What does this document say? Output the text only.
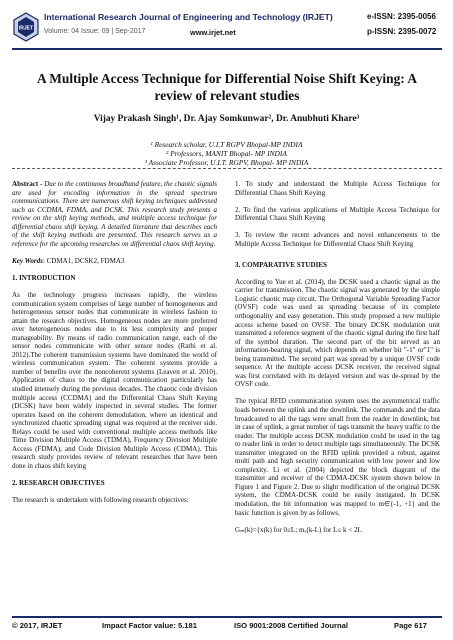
IRJET
International Research Journal of Engineering and Technology (IRJET)	e-ISSN: 2395-0056
Volume: 04 Issue: 09 | Sep-2017	www.irjet.net	p-ISSN: 2395-0072
A Multiple Access Technique for Differential Noise Shift Keying: A review of relevant studies
Vijay Prakash Singh¹, Dr. Ajay Somkunwar², Dr. Anubhuti Khare³
¹ Research scholar, U.I.T RGPV Bhopal-MP INDIA
² Professors, MANIT Bhopal- MP INDIA
³ Associate Professor, U.I.T. RGPV, Bhopal- MP INDIA

Abstract - Due to the continuous broadband feature, the chaotic signals are used for encoding information in the spread spectrum communications. There are numerous shift keying techniques addressed such as CCDMA, FDMA, and DCSK. This research study presents a review on the shift keying methods, and multiple access technique for differential chaos shift keying. A detailed literature that describes each of the shift keying methods are presented. This research serves as a reference for the upcoming researches on differential chaos shift keying.

Key Words: CDMA1, DCSK2, FDMA3

1. INTRODUCTION

As the technology progress increases rapidly, the wireless communication system comprises of large number of homogeneous and heterogeneous sensor nodes that communicate in wireless fashion to attain the research objectives. Homogeneous nodes are more preferred over heterogeneous nodes due to its less complexity and proper manageability. By means of radio communication range, each of the sensor nodes communicate with other sensor nodes (Rathi et al. 2012).The coherent transmission systems have dominated the world of wireless communication system. The coherent systems provide a number of benefits over the noncoherent systems (Leaven et al. 2010). Application of chaos to the digital communication particularly has studied intensely during the previous decades. The chaotic code division multiple access (CCDMA) and the Differential Chaos Shift Keying (DCSK) have been widely inspected in several studies. The former operates based on the coherent demodulation, where an identical and synchronized chaotic spreading signal was required at the receiver side. Relays could be used with conventional multiple access methods like Time Division Multiple Access (TDMA), Frequency Division Multiple Access (FDMA), and Code Division Multiple Access (CDMA). This research study provides review of relevant researches that have been done in chaos shift keying

2. RESEARCH OBJECTIVES

The research is undertaken with following research objectives:

1. To study and understand the Multiple Access Technique for Differential Chaos Shift Keying

2. To find the various applications of Multiple Access Technique for Differential Chaos Shift Keying

3. To review the recent advances and novel enhancements to the Multiple Access Technique for Differential Chaos Shift Keying

3. COMPARATIVE STUDIES

According to Yue et al. (2014), the DCSK used a chaotic signal as the carrier for transmission. The chaotic signal was generated by the simple Logistic chaotic map circuit. The Orthogonal Variable Spreading Factor (OVSF) code was used as spreading because of its complete orthogonality and easy generation. This study proposed a new multiple access scheme based on OVSF. The binary DCSK modulation unit transmitted a reference segment of the chaotic signal during the first half of the symbol duration. The second part of the bit served as an information-bearing signal, which depends on whether bit "-1" or"1" is being transmitted. The second part was spread by a unique OVSF code sequence. At the multiple access DCSK receiver, the received signal was first correlated with its delayed version and was de-spread by the OVSF code.

The typical RFID communication system uses the asymmetrical traffic loads between the uplink and the downlink. The commands and the data broadcasted to all the tags were small from the reader in downlink, but in case of uplink, a great number of tags transmit the heavy traffic to the reader. The multiple access DCSK modulation could be used in the tag to reader link in order to detect multiple tags simultaneously. The DCSK transmitter integrated on the RFID uplink provided a robust, against multi path and high security communication with low power and low complexity. Li et al. (2004) depicted the block diagram of the transmitter and receiver of the CDMA-DCSK system shown below in Figure 1 and Figure 2. Due to slight modification of the original DCSK system, the CDMA-DCSK could be easily instigated. In DCSK modulation, the bit information was mapped to m∈{-1, +1} and the basic function is given by as follows,

Gₘ(k)={x(k) for 0≤L; mₓ(k-L) for L≤ k < 2L

© 2017, IRJET	Impact Factor value: 5.181	ISO 9001:2008 Certified Journal	Page 617
